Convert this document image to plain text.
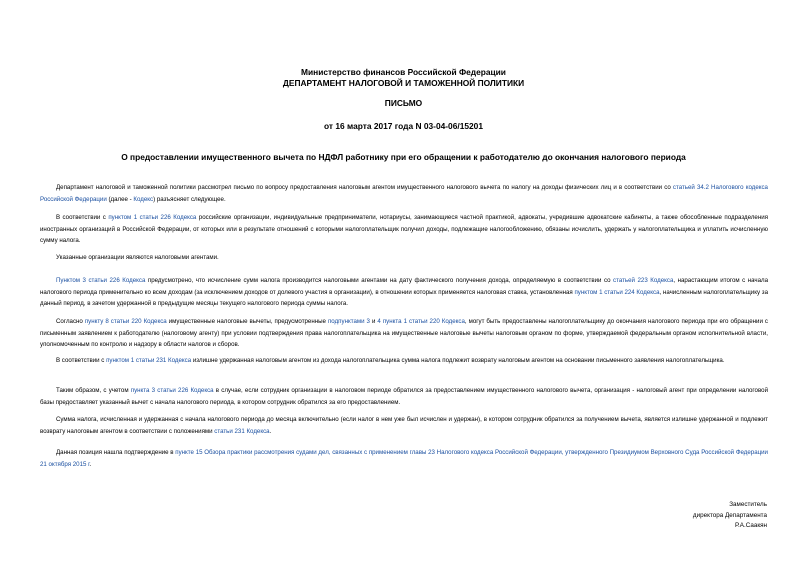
Министерство финансов Российской Федерации
ДЕПАРТАМЕНТ НАЛОГОВОЙ И ТАМОЖЕННОЙ ПОЛИТИКИ
ПИСЬМО
от 16 марта 2017 года N 03-04-06/15201
О предоставлении имущественного вычета по НДФЛ работнику при его обращении к работодателю до окончания налогового периода
Департамент налоговой и таможенной политики рассмотрел письмо по вопросу предоставления налоговым агентом имущественного налогового вычета по налогу на доходы физических лиц и в соответствии со статьей 34.2 Налогового кодекса Российской Федерации (далее - Кодекс) разъясняет следующее.
В соответствии с пунктом 1 статьи 226 Кодекса российские организации, индивидуальные предприниматели, нотариусы, занимающиеся частной практикой, адвокаты, учредившие адвокатские кабинеты, а также обособленные подразделения иностранных организаций в Российской Федерации, от которых или в результате отношений с которыми налогоплательщик получил доходы, подлежащие налогообложению, обязаны исчислить, удержать у налогоплательщика и уплатить исчисленную сумму налога.
Указанные организации являются налоговыми агентами.
Пунктом 3 статьи 226 Кодекса предусмотрено, что исчисление сумм налога производится налоговыми агентами на дату фактического получения дохода, определяемую в соответствии со статьей 223 Кодекса, нарастающим итогом с начала налогового периода применительно ко всем доходам (за исключением доходов от долевого участия в организации), в отношении которых применяется налоговая ставка, установленная пунктом 1 статьи 224 Кодекса, начисленным налогоплательщику за данный период, в зачетом удержанной в предыдущие месяцы текущего налогового периода суммы налога.
Согласно пункту 8 статьи 220 Кодекса имущественные налоговые вычеты, предусмотренные подпунктами 3 и 4 пункта 1 статьи 220 Кодекса, могут быть предоставлены налогоплательщику до окончания налогового периода при его обращении с письменным заявлением к работодателю (налоговому агенту) при условии подтверждения права налогоплательщика на имущественные налоговые вычеты налоговым органом по форме, утверждаемой федеральным органом исполнительной власти, уполномоченным по контролю и надзору в области налогов и сборов.
В соответствии с пунктом 1 статьи 231 Кодекса излишне удержанная налоговым агентом из дохода налогоплательщика сумма налога подлежит возврату налоговым агентом на основании письменного заявления налогоплательщика.
Таким образом, с учетом пункта 3 статьи 226 Кодекса в случае, если сотрудник организации в налоговом периоде обратился за предоставлением имущественного налогового вычета, организация - налоговый агент при определении налоговой базы предоставляет указанный вычет с начала налогового периода, в котором сотрудник обратился за его предоставлением.
Сумма налога, исчисленная и удержанная с начала налогового периода до месяца включительно (если налог в нем уже был исчислен и удержан), в котором сотрудник обратился за получением вычета, является излишне удержанной и подлежит возврату налоговым агентом в соответствии с положениями статьи 231 Кодекса.
Данная позиция нашла подтверждение в пункте 15 Обзора практики рассмотрения судами дел, связанных с применением главы 23 Налогового кодекса Российской Федерации, утвержденного Президиумом Верховного Суда Российской Федерации 21 октября 2015 г.
Заместитель
директора Департамента
Р.А.Саакян
